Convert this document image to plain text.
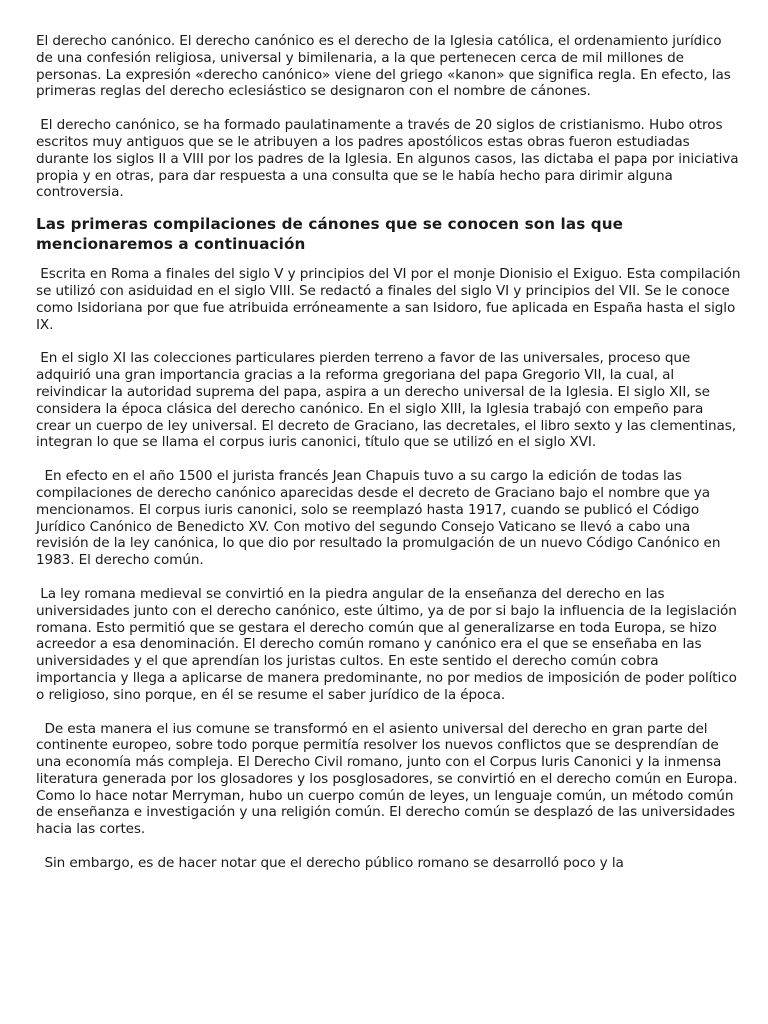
El derecho canónico. El derecho canónico es el derecho de la Iglesia católica, el ordenamiento jurídico de una confesión religiosa, universal y bimilenaria, a la que pertenecen cerca de mil millones de personas. La expresión «derecho canónico» viene del griego «kanon» que significa regla. En efecto, las primeras reglas del derecho eclesiástico se designaron con el nombre de cánones.

El derecho canónico, se ha formado paulatinamente a través de 20 siglos de cristianismo. Hubo otros escritos muy antiguos que se le atribuyen a los padres apostólicos estas obras fueron estudiadas durante los siglos II a VIII por los padres de la Iglesia. En algunos casos, las dictaba el papa por iniciativa propia y en otras, para dar respuesta a una consulta que se le había hecho para dirimir alguna controversia.

Las primeras compilaciones de cánones que se conocen son las que mencionaremos a continuación

Escrita en Roma a finales del siglo V y principios del VI por el monje Dionisio el Exiguo. Esta compilación se utilizó con asiduidad en el siglo VIII. Se redactó a finales del siglo VI y principios del VII. Se le conoce como Isidoriana por que fue atribuida erróneamente a san Isidoro, fue aplicada en España hasta el siglo IX.

En el siglo XI las colecciones particulares pierden terreno a favor de las universales, proceso que adquirió una gran importancia gracias a la reforma gregoriana del papa Gregorio VII, la cual, al reivindicar la autoridad suprema del papa, aspira a un derecho universal de la Iglesia. El siglo XII, se considera la época clásica del derecho canónico. En el siglo XIII, la Iglesia trabajó con empeño para crear un cuerpo de ley universal. El decreto de Graciano, las decretales, el libro sexto y las clementinas, integran lo que se llama el corpus iuris canonici, título que se utilizó en el siglo XVI.

En efecto en el año 1500 el jurista francés Jean Chapuis tuvo a su cargo la edición de todas las compilaciones de derecho canónico aparecidas desde el decreto de Graciano bajo el nombre que ya mencionamos. El corpus iuris canonici, solo se reemplazó hasta 1917, cuando se publicó el Código Jurídico Canónico de Benedicto XV. Con motivo del segundo Consejo Vaticano se llevó a cabo una revisión de la ley canónica, lo que dio por resultado la promulgación de un nuevo Código Canónico en 1983. El derecho común.

La ley romana medieval se convirtió en la piedra angular de la enseñanza del derecho en las universidades junto con el derecho canónico, este último, ya de por si bajo la influencia de la legislación romana. Esto permitió que se gestara el derecho común que al generalizarse en toda Europa, se hizo acreedor a esa denominación. El derecho común romano y canónico era el que se enseñaba en las universidades y el que aprendían los juristas cultos. En este sentido el derecho común cobra importancia y llega a aplicarse de manera predominante, no por medios de imposición de poder político o religioso, sino porque, en él se resume el saber jurídico de la época.

De esta manera el ius comune se transformó en el asiento universal del derecho en gran parte del continente europeo, sobre todo porque permitía resolver los nuevos conflictos que se desprendían de una economía más compleja. El Derecho Civil romano, junto con el Corpus Iuris Canonici y la inmensa literatura generada por los glosadores y los posglosadores, se convirtió en el derecho común en Europa. Como lo hace notar Merryman, hubo un cuerpo común de leyes, un lenguaje común, un método común de enseñanza e investigación y una religión común. El derecho común se desplazó de las universidades hacia las cortes.

Sin embargo, es de hacer notar que el derecho público romano se desarrolló poco y la
